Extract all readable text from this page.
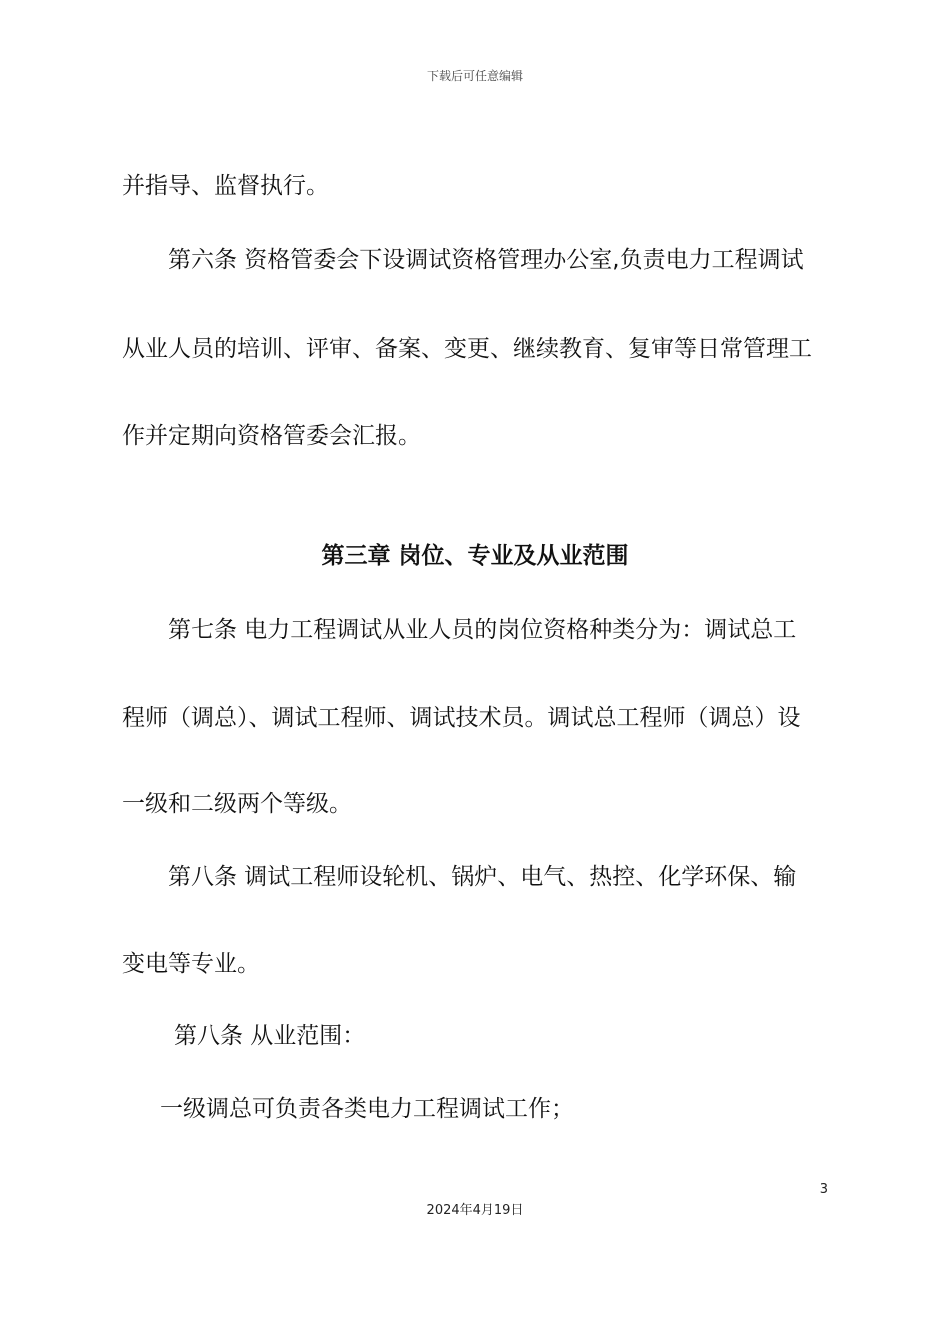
下载后可任意编辑
并指导、监督执行。
第六条 资格管委会下设调试资格管理办公室,负责电力工程调试
从业人员的培训、评审、备案、变更、继续教育、复审等日常管理工
作并定期向资格管委会汇报。
第三章 岗位、专业及从业范围
第七条 电力工程调试从业人员的岗位资格种类分为：调试总工
程师（调总）、调试工程师、调试技术员。调试总工程师（调总）设
一级和二级两个等级。
第八条 调试工程师设轮机、锅炉、电气、热控、化学环保、输
变电等专业。
第八条 从业范围：
一级调总可负责各类电力工程调试工作；
3
2024年4月19日
